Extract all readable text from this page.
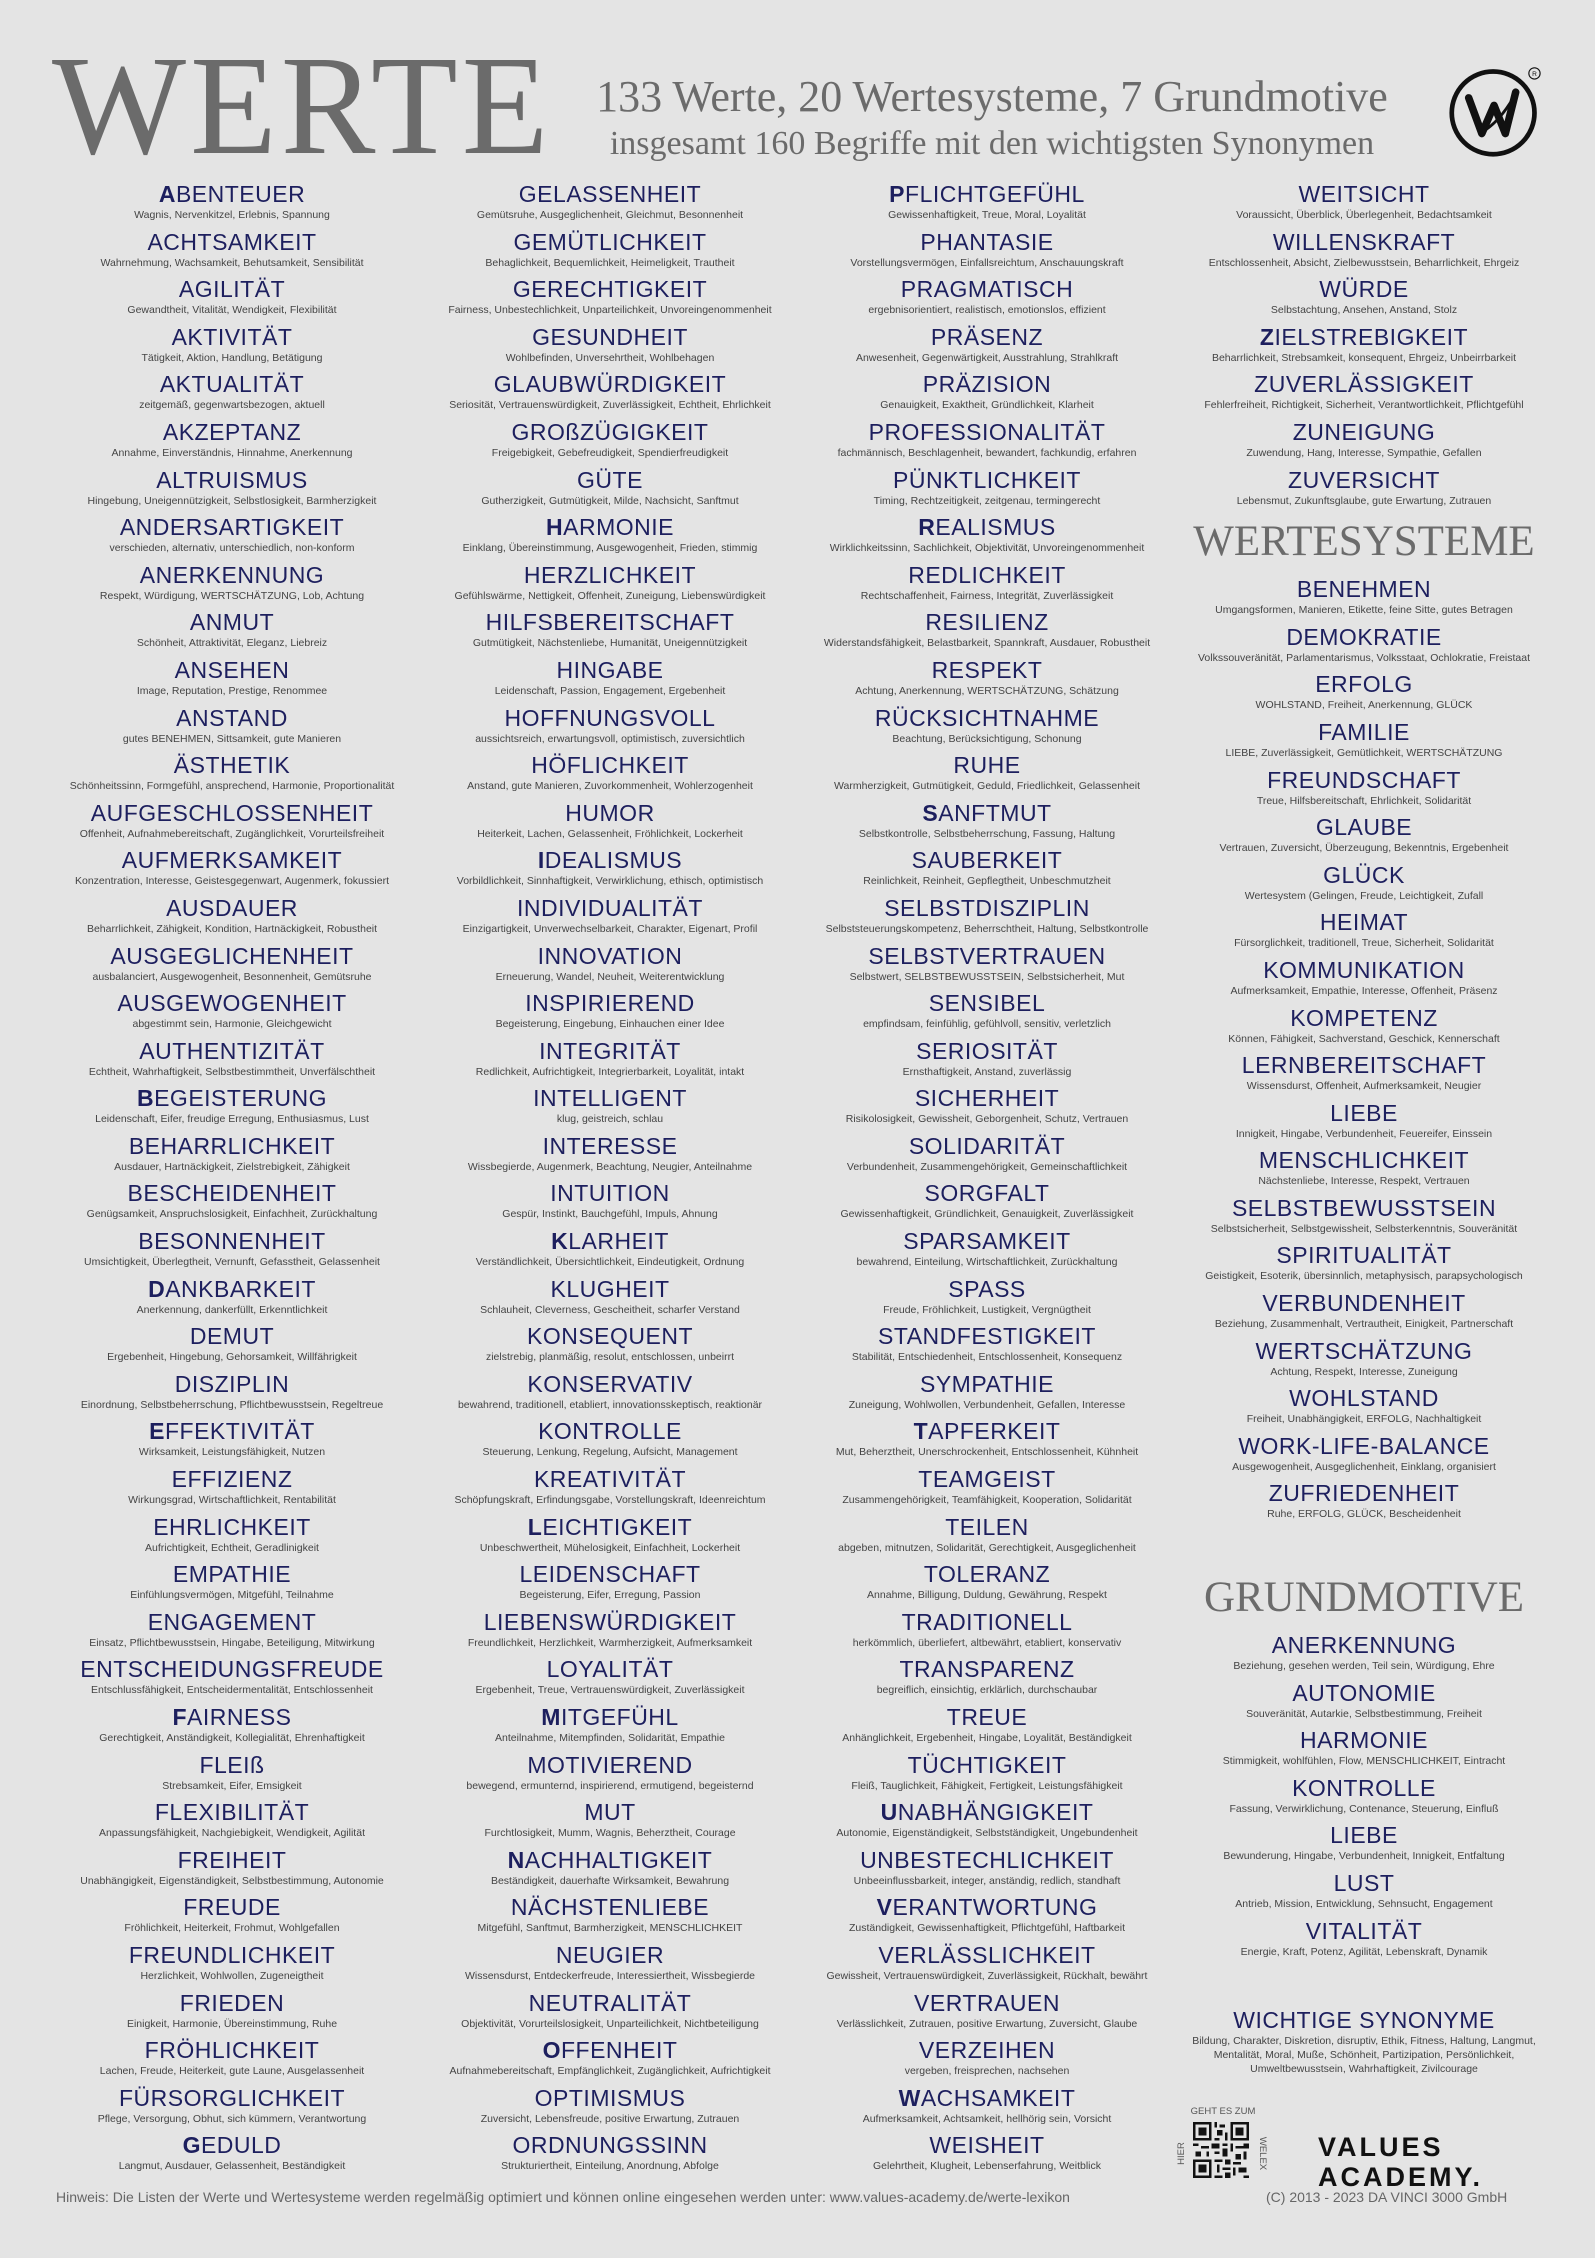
WERTE 133 Werte, 20 Wertesysteme, 7 Grundmotive
insgesamt 160 Begriffe mit den wichtigsten Synonymen
R
ABENTEUER
Wagnis, Nervenkitzel, Erlebnis, Spannung
ACHTSAMKEIT
Wahrnehmung, Wachsamkeit, Behutsamkeit, Sensibilität
AGILITÄT
Gewandtheit, Vitalität, Wendigkeit, Flexibilität
AKTIVITÄT
Tätigkeit, Aktion, Handlung, Betätigung
AKTUALITÄT
zeitgemäß, gegenwartsbezogen, aktuell
AKZEPTANZ
Annahme, Einverständnis, Hinnahme, Anerkennung
ALTRUISMUS
Hingebung, Uneigennützigkeit, Selbstlosigkeit, Barmherzigkeit
ANDERSARTIGKEIT
verschieden, alternativ, unterschiedlich, non-konform
ANERKENNUNG
Respekt, Würdigung, WERTSCHÄTZUNG, Lob, Achtung
ANMUT
Schönheit, Attraktivität, Eleganz, Liebreiz
ANSEHEN
Image, Reputation, Prestige, Renommee
ANSTAND
gutes BENEHMEN, Sittsamkeit, gute Manieren
ÄSTHETIK
Schönheitssinn, Formgefühl, ansprechend, Harmonie, Proportionalität
AUFGESCHLOSSENHEIT
Offenheit, Aufnahmebereitschaft, Zugänglichkeit, Vorurteilsfreiheit
AUFMERKSAMKEIT
Konzentration, Interesse, Geistesgegenwart, Augenmerk, fokussiert
AUSDAUER
Beharrlichkeit, Zähigkeit, Kondition, Hartnäckigkeit, Robustheit
AUSGEGLICHENHEIT
ausbalanciert, Ausgewogenheit, Besonnenheit, Gemütsruhe
AUSGEWOGENHEIT
abgestimmt sein, Harmonie, Gleichgewicht
AUTHENTIZITÄT
Echtheit, Wahrhaftigkeit, Selbstbestimmtheit, Unverfälschtheit
BEGEISTERUNG
Leidenschaft, Eifer, freudige Erregung, Enthusiasmus, Lust
BEHARRLICHKEIT
Ausdauer, Hartnäckigkeit, Zielstrebigkeit, Zähigkeit
BESCHEIDENHEIT
Genügsamkeit, Anspruchslosigkeit, Einfachheit, Zurückhaltung
BESONNENHEIT
Umsichtigkeit, Überlegtheit, Vernunft, Gefasstheit, Gelassenheit
DANKBARKEIT
Anerkennung, dankerfüllt, Erkenntlichkeit
DEMUT
Ergebenheit, Hingebung, Gehorsamkeit, Willfährigkeit
DISZIPLIN
Einordnung, Selbstbeherrschung, Pflichtbewusstsein, Regeltreue
EFFEKTIVITÄT
Wirksamkeit, Leistungsfähigkeit, Nutzen
EFFIZIENZ
Wirkungsgrad, Wirtschaftlichkeit, Rentabilität
EHRLICHKEIT
Aufrichtigkeit, Echtheit, Geradlinigkeit
EMPATHIE
Einfühlungsvermögen, Mitgefühl, Teilnahme
ENGAGEMENT
Einsatz, Pflichtbewusstsein, Hingabe, Beteiligung, Mitwirkung
ENTSCHEIDUNGSFREUDE
Entschlussfähigkeit, Entscheidermentalität, Entschlossenheit
FAIRNESS
Gerechtigkeit, Anständigkeit, Kollegialität, Ehrenhaftigkeit
FLEIß
Strebsamkeit, Eifer, Emsigkeit
FLEXIBILITÄT
Anpassungsfähigkeit, Nachgiebigkeit, Wendigkeit, Agilität
FREIHEIT
Unabhängigkeit, Eigenständigkeit, Selbstbestimmung, Autonomie
FREUDE
Fröhlichkeit, Heiterkeit, Frohmut, Wohlgefallen
FREUNDLICHKEIT
Herzlichkeit, Wohlwollen, Zugeneigtheit
FRIEDEN
Einigkeit, Harmonie, Übereinstimmung, Ruhe
FRÖHLICHKEIT
Lachen, Freude, Heiterkeit, gute Laune, Ausgelassenheit
FÜRSORGLICHKEIT
Pflege, Versorgung, Obhut, sich kümmern, Verantwortung
GEDULD
Langmut, Ausdauer, Gelassenheit, Beständigkeit
GELASSENHEIT
Gemütsruhe, Ausgeglichenheit, Gleichmut, Besonnenheit
GEMÜTLICHKEIT
Behaglichkeit, Bequemlichkeit, Heimeligkeit, Trautheit
GERECHTIGKEIT
Fairness, Unbestechlichkeit, Unparteilichkeit, Unvoreingenommenheit
GESUNDHEIT
Wohlbefinden, Unversehrtheit, Wohlbehagen
GLAUBWÜRDIGKEIT
Seriosität, Vertrauenswürdigkeit, Zuverlässigkeit, Echtheit, Ehrlichkeit
GROßZÜGIGKEIT
Freigebigkeit, Gebefreudigkeit, Spendierfreudigkeit
GÜTE
Gutherzigkeit, Gutmütigkeit, Milde, Nachsicht, Sanftmut
HARMONIE
Einklang, Übereinstimmung, Ausgewogenheit, Frieden, stimmig
HERZLICHKEIT
Gefühlswärme, Nettigkeit, Offenheit, Zuneigung, Liebenswürdigkeit
HILFSBEREITSCHAFT
Gutmütigkeit, Nächstenliebe, Humanität, Uneigennützigkeit
HINGABE
Leidenschaft, Passion, Engagement, Ergebenheit
HOFFNUNGSVOLL
aussichtsreich, erwartungsvoll, optimistisch, zuversichtlich
HÖFLICHKEIT
Anstand, gute Manieren, Zuvorkommenheit, Wohlerzogenheit
HUMOR
Heiterkeit, Lachen, Gelassenheit, Fröhlichkeit, Lockerheit
IDEALISMUS
Vorbildlichkeit, Sinnhaftigkeit, Verwirklichung, ethisch, optimistisch
INDIVIDUALITÄT
Einzigartigkeit, Unverwechselbarkeit, Charakter, Eigenart, Profil
INNOVATION
Erneuerung, Wandel, Neuheit, Weiterentwicklung
INSPIRIEREND
Begeisterung, Eingebung, Einhauchen einer Idee
INTEGRITÄT
Redlichkeit, Aufrichtigkeit, Integrierbarkeit, Loyalität, intakt
INTELLIGENT
klug, geistreich, schlau
INTERESSE
Wissbegierde, Augenmerk, Beachtung, Neugier, Anteilnahme
INTUITION
Gespür, Instinkt, Bauchgefühl, Impuls, Ahnung
KLARHEIT
Verständlichkeit, Übersichtlichkeit, Eindeutigkeit, Ordnung
KLUGHEIT
Schlauheit, Cleverness, Gescheitheit, scharfer Verstand
KONSEQUENT
zielstrebig, planmäßig, resolut, entschlossen, unbeirrt
KONSERVATIV
bewahrend, traditionell, etabliert, innovationsskeptisch, reaktionär
KONTROLLE
Steuerung, Lenkung, Regelung, Aufsicht, Management
KREATIVITÄT
Schöpfungskraft, Erfindungsgabe, Vorstellungskraft, Ideenreichtum
LEICHTIGKEIT
Unbeschwertheit, Mühelosigkeit, Einfachheit, Lockerheit
LEIDENSCHAFT
Begeisterung, Eifer, Erregung, Passion
LIEBENSWÜRDIGKEIT
Freundlichkeit, Herzlichkeit, Warmherzigkeit, Aufmerksamkeit
LOYALITÄT
Ergebenheit, Treue, Vertrauenswürdigkeit, Zuverlässigkeit
MITGEFÜHL
Anteilnahme, Mitempfinden, Solidarität, Empathie
MOTIVIEREND
bewegend, ermunternd, inspirierend, ermutigend, begeisternd
MUT
Furchtlosigkeit, Mumm, Wagnis, Beherztheit, Courage
NACHHALTIGKEIT
Beständigkeit, dauerhafte Wirksamkeit, Bewahrung
NÄCHSTENLIEBE
Mitgefühl, Sanftmut, Barmherzigkeit, MENSCHLICHKEIT
NEUGIER
Wissensdurst, Entdeckerfreude, Interessiertheit, Wissbegierde
NEUTRALITÄT
Objektivität, Vorurteilslosigkeit, Unparteilichkeit, Nichtbeteiligung
OFFENHEIT
Aufnahmebereitschaft, Empfänglichkeit, Zugänglichkeit, Aufrichtigkeit
OPTIMISMUS
Zuversicht, Lebensfreude, positive Erwartung, Zutrauen
ORDNUNGSSINN
Strukturiertheit, Einteilung, Anordnung, Abfolge
PFLICHTGEFÜHL
Gewissenhaftigkeit, Treue, Moral, Loyalität
PHANTASIE
Vorstellungsvermögen, Einfallsreichtum, Anschauungskraft
PRAGMATISCH
ergebnisorientiert, realistisch, emotionslos, effizient
PRÄSENZ
Anwesenheit, Gegenwärtigkeit, Ausstrahlung, Strahlkraft
PRÄZISION
Genauigkeit, Exaktheit, Gründlichkeit, Klarheit
PROFESSIONALITÄT
fachmännisch, Beschlagenheit, bewandert, fachkundig, erfahren
PÜNKTLICHKEIT
Timing, Rechtzeitigkeit, zeitgenau, termingerecht
REALISMUS
Wirklichkeitssinn, Sachlichkeit, Objektivität, Unvoreingenommenheit
REDLICHKEIT
Rechtschaffenheit, Fairness, Integrität, Zuverlässigkeit
RESILIENZ
Widerstandsfähigkeit, Belastbarkeit, Spannkraft, Ausdauer, Robustheit
RESPEKT
Achtung, Anerkennung, WERTSCHÄTZUNG, Schätzung
RÜCKSICHTNAHME
Beachtung, Berücksichtigung, Schonung
RUHE
Warmherzigkeit, Gutmütigkeit, Geduld, Friedlichkeit, Gelassenheit
SANFTMUT
Selbstkontrolle, Selbstbeherrschung, Fassung, Haltung
SAUBERKEIT
Reinlichkeit, Reinheit, Gepflegtheit, Unbeschmutzheit
SELBSTDISZIPLIN
Selbststeuerungskompetenz, Beherrschtheit, Haltung, Selbstkontrolle
SELBSTVERTRAUEN
Selbstwert, SELBSTBEWUSSTSEIN, Selbstsicherheit, Mut
SENSIBEL
empfindsam, feinfühlig, gefühlvoll, sensitiv, verletzlich
SERIOSITÄT
Ernsthaftigkeit, Anstand, zuverlässig
SICHERHEIT
Risikolosigkeit, Gewissheit, Geborgenheit, Schutz, Vertrauen
SOLIDARITÄT
Verbundenheit, Zusammengehörigkeit, Gemeinschaftlichkeit
SORGFALT
Gewissenhaftigkeit, Gründlichkeit, Genauigkeit, Zuverlässigkeit
SPARSAMKEIT
bewahrend, Einteilung, Wirtschaftlichkeit, Zurückhaltung
SPASS
Freude, Fröhlichkeit, Lustigkeit, Vergnügtheit
STANDFESTIGKEIT
Stabilität, Entschiedenheit, Entschlossenheit, Konsequenz
SYMPATHIE
Zuneigung, Wohlwollen, Verbundenheit, Gefallen, Interesse
TAPFERKEIT
Mut, Beherztheit, Unerschrockenheit, Entschlossenheit, Kühnheit
TEAMGEIST
Zusammengehörigkeit, Teamfähigkeit, Kooperation, Solidarität
TEILEN
abgeben, mitnutzen, Solidarität, Gerechtigkeit, Ausgeglichenheit
TOLERANZ
Annahme, Billigung, Duldung, Gewährung, Respekt
TRADITIONELL
herkömmlich, überliefert, altbewährt, etabliert, konservativ
TRANSPARENZ
begreiflich, einsichtig, erklärlich, durchschaubar
TREUE
Anhänglichkeit, Ergebenheit, Hingabe, Loyalität, Beständigkeit
TÜCHTIGKEIT
Fleiß, Tauglichkeit, Fähigkeit, Fertigkeit, Leistungsfähigkeit
UNABHÄNGIGKEIT
Autonomie, Eigenständigkeit, Selbstständigkeit, Ungebundenheit
UNBESTECHLICHKEIT
Unbeeinflussbarkeit, integer, anständig, redlich, standhaft
VERANTWORTUNG
Zuständigkeit, Gewissenhaftigkeit, Pflichtgefühl, Haftbarkeit
VERLÄSSLICHKEIT
Gewissheit, Vertrauenswürdigkeit, Zuverlässigkeit, Rückhalt, bewährt
VERTRAUEN
Verlässlichkeit, Zutrauen, positive Erwartung, Zuversicht, Glaube
VERZEIHEN
vergeben, freisprechen, nachsehen
WACHSAMKEIT
Aufmerksamkeit, Achtsamkeit, hellhörig sein, Vorsicht
WEISHEIT
Gelehrtheit, Klugheit, Lebenserfahrung, Weitblick
WEITSICHT
Voraussicht, Überblick, Überlegenheit, Bedachtsamkeit
WILLENSKRAFT
Entschlossenheit, Absicht, Zielbewusstsein, Beharrlichkeit, Ehrgeiz
WÜRDE
Selbstachtung, Ansehen, Anstand, Stolz
ZIELSTREBIGKEIT
Beharrlichkeit, Strebsamkeit, konsequent, Ehrgeiz, Unbeirrbarkeit
ZUVERLÄSSIGKEIT
Fehlerfreiheit, Richtigkeit, Sicherheit, Verantwortlichkeit, Pflichtgefühl
ZUNEIGUNG
Zuwendung, Hang, Interesse, Sympathie, Gefallen
ZUVERSICHT
Lebensmut, Zukunftsglaube, gute Erwartung, Zutrauen
WERTESYSTEME
BENEHMEN
Umgangsformen, Manieren, Etikette, feine Sitte, gutes Betragen
DEMOKRATIE
Volkssouveränität, Parlamentarismus, Volksstaat, Ochlokratie, Freistaat
ERFOLG
WOHLSTAND, Freiheit, Anerkennung, GLÜCK
FAMILIE
LIEBE, Zuverlässigkeit, Gemütlichkeit, WERTSCHÄTZUNG
FREUNDSCHAFT
Treue, Hilfsbereitschaft, Ehrlichkeit, Solidarität
GLAUBE
Vertrauen, Zuversicht, Überzeugung, Bekenntnis, Ergebenheit
GLÜCK
Wertesystem (Gelingen, Freude, Leichtigkeit, Zufall
HEIMAT
Fürsorglichkeit, traditionell, Treue, Sicherheit, Solidarität
KOMMUNIKATION
Aufmerksamkeit, Empathie, Interesse, Offenheit, Präsenz
KOMPETENZ
Können, Fähigkeit, Sachverstand, Geschick, Kennerschaft
LERNBEREITSCHAFT
Wissensdurst, Offenheit, Aufmerksamkeit, Neugier
LIEBE
Innigkeit, Hingabe, Verbundenheit, Feuereifer, Einssein
MENSCHLICHKEIT
Nächstenliebe, Interesse, Respekt, Vertrauen
SELBSTBEWUSSTSEIN
Selbstsicherheit, Selbstgewissheit, Selbsterkenntnis, Souveränität
SPIRITUALITÄT
Geistigkeit, Esoterik, übersinnlich, metaphysisch, parapsychologisch
VERBUNDENHEIT
Beziehung, Zusammenhalt, Vertrautheit, Einigkeit, Partnerschaft
WERTSCHÄTZUNG
Achtung, Respekt, Interesse, Zuneigung
WOHLSTAND
Freiheit, Unabhängigkeit, ERFOLG, Nachhaltigkeit
WORK-LIFE-BALANCE
Ausgewogenheit, Ausgeglichenheit, Einklang, organisiert
ZUFRIEDENHEIT
Ruhe, ERFOLG, GLÜCK, Bescheidenheit
GRUNDMOTIVE
ANERKENNUNG
Beziehung, gesehen werden, Teil sein, Würdigung, Ehre
AUTONOMIE
Souveränität, Autarkie, Selbstbestimmung, Freiheit
HARMONIE
Stimmigkeit, wohlfühlen, Flow, MENSCHLICHKEIT, Eintracht
KONTROLLE
Fassung, Verwirklichung, Contenance, Steuerung, Einfluß
LIEBE
Bewunderung, Hingabe, Verbundenheit, Innigkeit, Entfaltung
LUST
Antrieb, Mission, Entwicklung, Sehnsucht, Engagement
VITALITÄT
Energie, Kraft, Potenz, Agilität, Lebenskraft, Dynamik
WICHTIGE SYNONYME
Bildung, Charakter, Diskretion, disruptiv, Ethik, Fitness, Haltung, Langmut, Mentalität, Moral, Muße, Schönheit, Partizipation, Persönlichkeit, Umweltbewusstsein, Wahrhaftigkeit, Zivilcourage
Hinweis: Die Listen der Werte und Wertesysteme werden regelmäßig optimiert und können online eingesehen werden unter: www.values-academy.de/werte-lexikon	(C) 2013 - 2023 DA VINCI 3000 GmbH
GEHT ES ZUM
HIER	WELEX VALUES
ACADEMY.
